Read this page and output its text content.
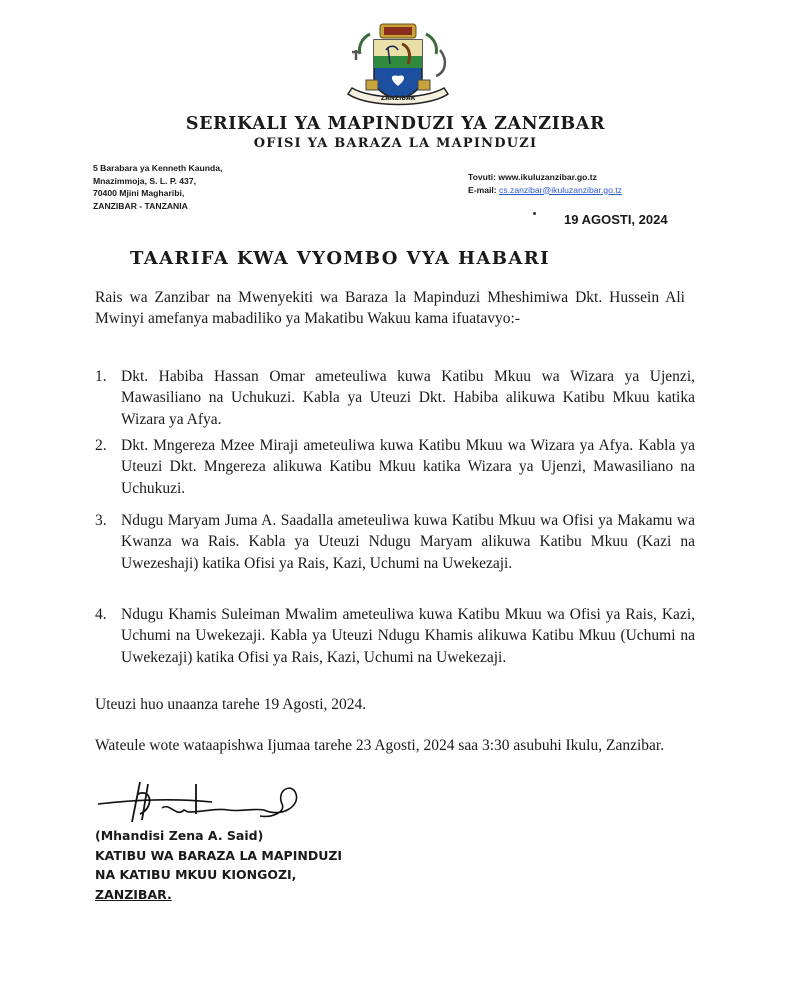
ZANZIBAR
SERIKALI YA MAPINDUZI YA ZANZIBAR
OFISI YA BARAZA LA MAPINDUZI
5 Barabara ya Kenneth Kaunda,
Mnazimmoja, S. L. P. 437,
70400 Mjini Magharibi,
ZANZIBAR - TANZANIA
Tovuti: www.ikuluzanzibar.go.tz
E-mail: cs.zanzibar@ikuluzanzibar.go.tz
19 AGOSTI, 2024
TAARIFA KWA VYOMBO VYA HABARI
Rais wa Zanzibar na Mwenyekiti wa Baraza la Mapinduzi Mheshimiwa Dkt. Hussein Ali Mwinyi amefanya mabadiliko ya Makatibu Wakuu kama ifuatavyo:-
1. Dkt. Habiba Hassan Omar ameteuliwa kuwa Katibu Mkuu wa Wizara ya Ujenzi, Mawasiliano na Uchukuzi. Kabla ya Uteuzi Dkt. Habiba alikuwa Katibu Mkuu katika Wizara ya Afya.
2. Dkt. Mngereza Mzee Miraji ameteuliwa kuwa Katibu Mkuu wa Wizara ya Afya. Kabla ya Uteuzi Dkt. Mngereza alikuwa Katibu Mkuu katika Wizara ya Ujenzi, Mawasiliano na Uchukuzi.
3. Ndugu Maryam Juma A. Saadalla ameteuliwa kuwa Katibu Mkuu wa Ofisi ya Makamu wa Kwanza wa Rais. Kabla ya Uteuzi Ndugu Maryam alikuwa Katibu Mkuu (Kazi na Uwezeshaji) katika Ofisi ya Rais, Kazi, Uchumi na Uwekezaji.
4. Ndugu Khamis Suleiman Mwalim ameteuliwa kuwa Katibu Mkuu wa Ofisi ya Rais, Kazi, Uchumi na Uwekezaji. Kabla ya Uteuzi Ndugu Khamis alikuwa Katibu Mkuu (Uchumi na Uwekezaji) katika Ofisi ya Rais, Kazi, Uchumi na Uwekezaji.
Uteuzi huo unaanza tarehe 19 Agosti, 2024.
Wateule wote wataapishwa Ijumaa tarehe 23 Agosti, 2024 saa 3:30 asubuhi Ikulu, Zanzibar.
(Mhandisi Zena A. Said)
KATIBU WA BARAZA LA MAPINDUZI
NA KATIBU MKUU KIONGOZI,
ZANZIBAR.
